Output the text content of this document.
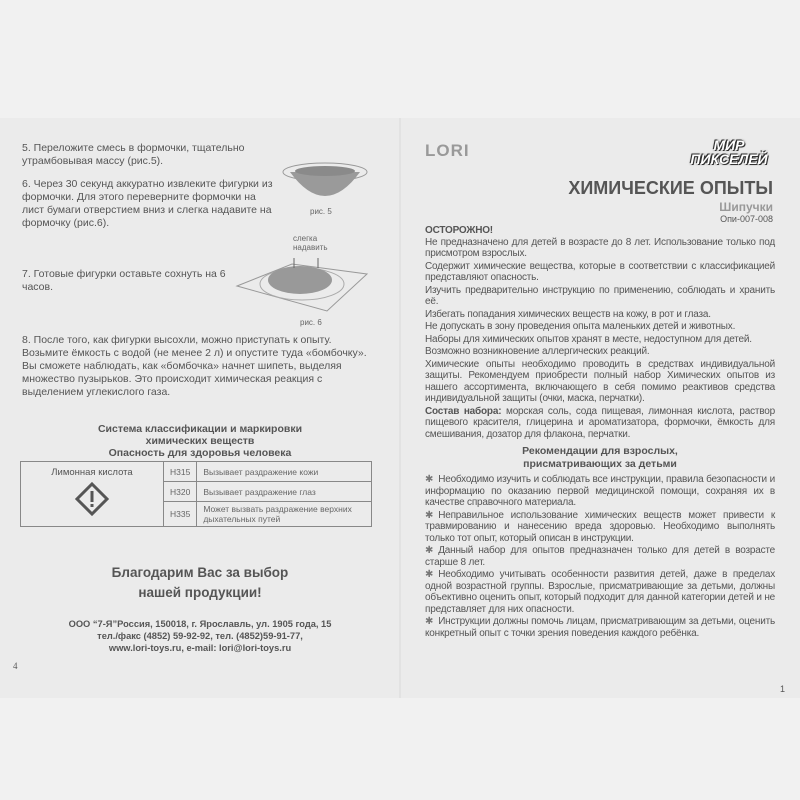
5. Переложите смесь в формочки, тщательно утрамбовывая массу (рис.5).
6. Через 30 секунд аккуратно извлеките фигурки из формочки. Для этого переверните формочки на лист бумаги отверстием вниз и слегка надавите на формочку (рис.6).
7. Готовые фигурки оставьте сохнуть на 6 часов.
8. После того, как фигурки высохли, можно приступать к опыту. Возьмите ёмкость с водой (не менее 2 л) и опустите туда «бомбочку». Вы сможете наблюдать, как «бомбочка» начнет шипеть, выделяя множество пузырьков. Это происходит химическая реакция с выделением углекислого газа.
рис. 5
слегка надавить
рис. 6
Система классификации и маркировки
химических веществ
Опасность для здоровья человека
Лимонная кислота	H315	Вызывает раздражение кожи
	H320	Вызывает раздражение глаз
	H335	Может вызвать раздражение верхних дыхательных путей
Благодарим Вас за выбор
нашей продукции!
ООО “7-Я”Россия, 150018, г. Ярославль, ул. 1905 года, 15
тел./факс (4852) 59-92-92, тел. (4852)59-91-77,
www.lori-toys.ru, e-mail: lori@lori-toys.ru
4
LORI	МИР ПИКСЕЛЕЙ
ХИМИЧЕСКИЕ ОПЫТЫ
Шипучки
Опи-007-008
ОСТОРОЖНО!

Не предназначено для детей в возрасте до 8 лет. Использование только под присмотром взрослых.

Содержит химические вещества, которые в соответствии с классификацией представляют опасность.

Изучить предварительно инструкцию по применению, соблюдать и хранить её.

Избегать попадания химических веществ на кожу, в рот и глаза.

Не допускать в зону проведения опыта маленьких детей и животных.

Наборы для химических опытов хранят в месте, недоступном для детей.

Возможно возникновение аллергических реакций.

Химические опыты необходимо проводить в средствах индивидуальной защиты. Рекомендуем приобрести полный набор Химических опытов из нашего ассортимента, включающего в себя помимо реактивов средства индивидуальной защиты (очки, маска, перчатки).

Состав набора: морская соль, сода пищевая, лимонная кислота, раствор пищевого красителя, глицерина и ароматизатора, формочки, ёмкость для смешивания, дозатор для флакона, перчатки.

Рекомендации для взрослых,
присматривающих за детьми

✱ Необходимо изучить и соблюдать все инструкции, правила безопасности и информацию по оказанию первой медицинской помощи, сохраняя их в качестве справочного материала.

✱ Неправильное использование химических веществ может привести к травмированию и нанесению вреда здоровью. Необходимо выполнять только тот опыт, который описан в инструкции.

✱ Данный набор для опытов предназначен только для детей в возрасте старше 8 лет.

✱ Необходимо учитывать особенности развития детей, даже в пределах одной возрастной группы. Взрослые, присматривающие за детьми, должны объективно оценить опыт, который подходит для данной категории детей и не представляет для них опасности.

✱ Инструкции должны помочь лицам, присматривающим за детьми, оценить конкретный опыт с точки зрения поведения каждого ребёнка.

1
